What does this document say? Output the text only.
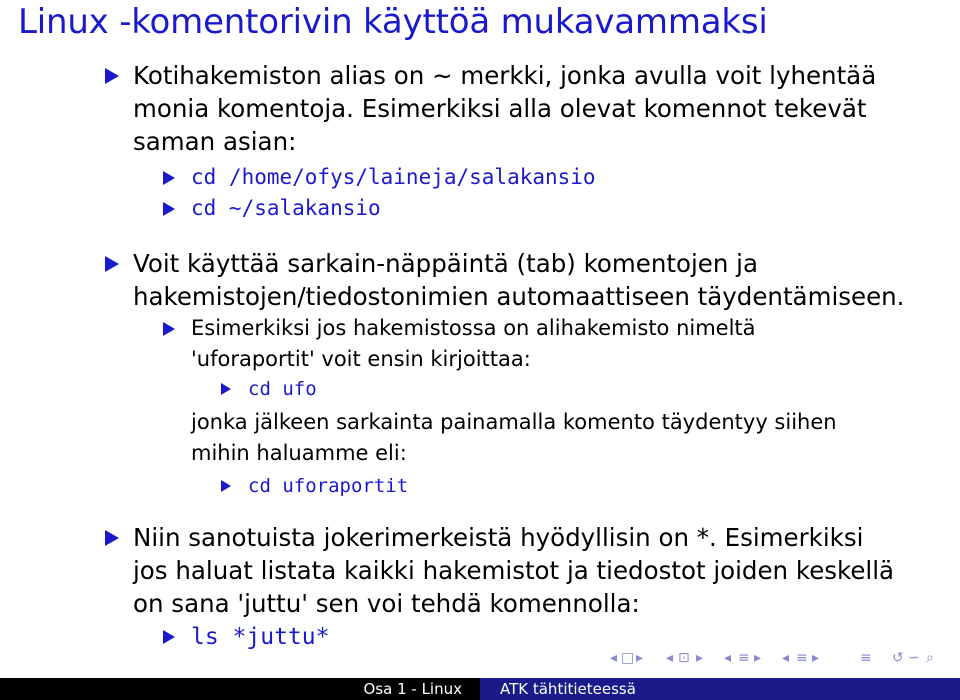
Linux -komentorivin käyttöä mukavammaksi
Kotihakemiston alias on ~ merkki, jonka avulla voit lyhentää
monia komentoja. Esimerkiksi alla olevat komennot tekevät
saman asian:
cd /home/ofys/laineja/salakansio
cd ~/salakansio
Voit käyttää sarkain-näppäintä (tab) komentojen ja
hakemistojen/tiedostonimien automaattiseen täydentämiseen.
Esimerkiksi jos hakemistossa on alihakemisto nimeltä
'uforaportit' voit ensin kirjoittaa:
cd ufo
jonka jälkeen sarkainta painamalla komento täydentyy siihen
mihin haluamme eli:
cd uforaportit
Niin sanotuista jokerimerkeistä hyödyllisin on *. Esimerkiksi
jos haluat listata kaikki hakemistot ja tiedostot joiden keskellä
on sana 'juttu' sen voi tehdä komennolla:
ls *juttu*
◂ □ ▸ ◂ ⊡ ▸ ◂ ≡ ▸ ◂ ≡ ▸	≡ ↺ ∽ ⌕
Osa 1 - Linux	ATK tähtitieteessä
